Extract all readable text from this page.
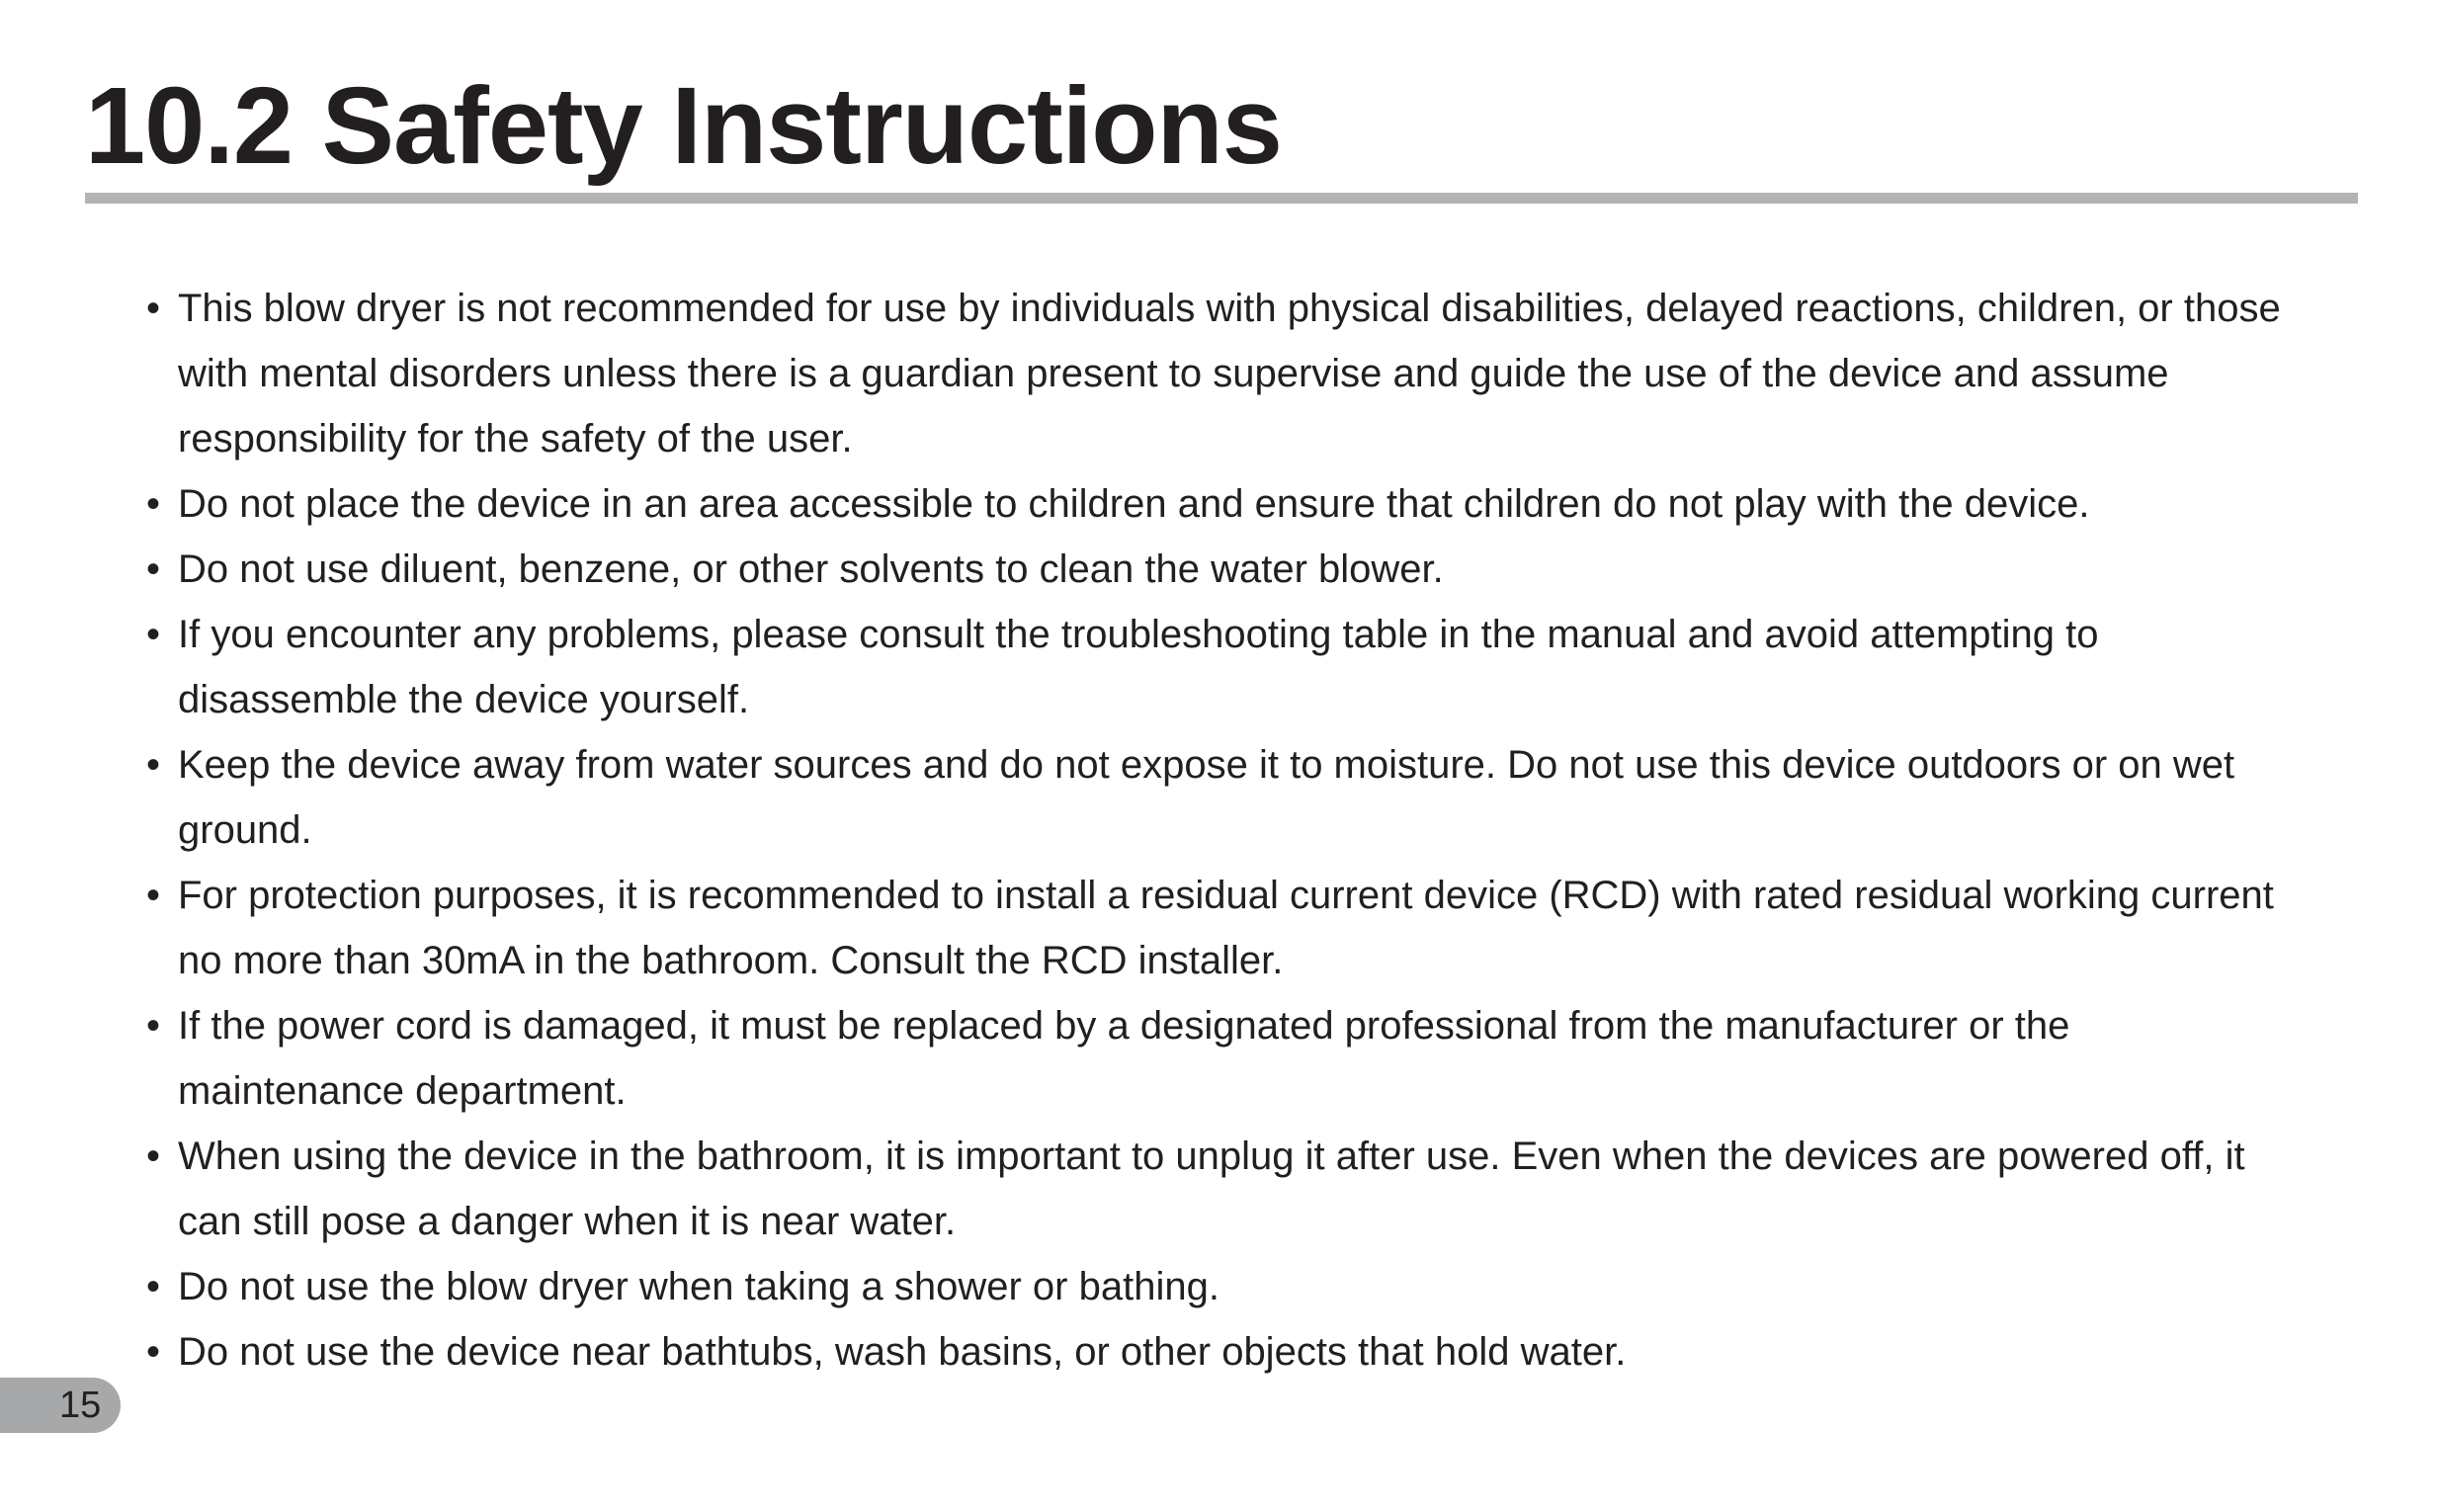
10.2 Safety Instructions
• This blow dryer is not recommended for use by individuals with physical disabilities, delayed reactions, children, or those with mental disorders unless there is a guardian present to supervise and guide the use of the device and assume responsibility for the safety of the user.
• Do not place the device in an area accessible to children and ensure that children do not play with the device.
• Do not use diluent, benzene, or other solvents to clean the water blower.
• If you encounter any problems, please consult the troubleshooting table in the manual and avoid attempting to disassemble the device yourself.
• Keep the device away from water sources and do not expose it to moisture. Do not use this device outdoors or on wet ground.
• For protection purposes, it is recommended to install a residual current device (RCD) with rated residual working current no more than 30mA in the bathroom. Consult the RCD installer.
• If the power cord is damaged, it must be replaced by a designated professional from the manufacturer or the maintenance department.
• When using the device in the bathroom, it is important to unplug it after use. Even when the devices are powered off, it can still pose a danger when it is near water.
• Do not use the blow dryer when taking a shower or bathing.
• Do not use the device near bathtubs, wash basins, or other objects that hold water.
15
